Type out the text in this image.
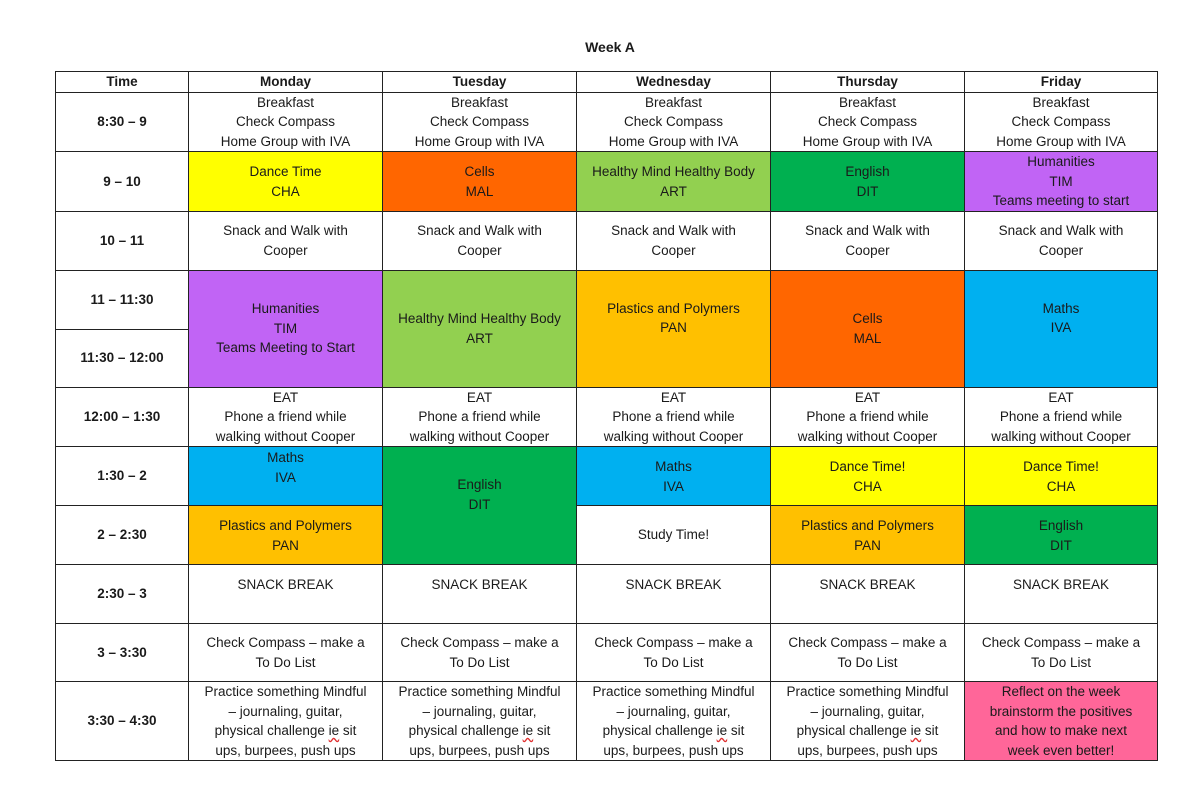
Week A
Time	Monday	Tuesday	Wednesday	Thursday	Friday
8:30 – 9	Breakfast
Check Compass
Home Group with IVA	Breakfast
Check Compass
Home Group with IVA	Breakfast
Check Compass
Home Group with IVA	Breakfast
Check Compass
Home Group with IVA	Breakfast
Check Compass
Home Group with IVA

9 – 10	Dance Time
CHA	Cells
MAL	Healthy Mind Healthy Body
ART	English
DIT	Humanities
TIM
Teams meeting to start

10 – 11	Snack and Walk with
Cooper	Snack and Walk with
Cooper	Snack and Walk with
Cooper	Snack and Walk with
Cooper	Snack and Walk with
Cooper

11 – 11:30	Humanities
TIM
Teams Meeting to Start	Healthy Mind Healthy Body
ART	Plastics and Polymers
PAN	Cells
MAL	Maths
IVA

11:30 – 12:00					
12:00 – 1:30	EAT
Phone a friend while
walking without Cooper	EAT
Phone a friend while
walking without Cooper	EAT
Phone a friend while
walking without Cooper	EAT
Phone a friend while
walking without Cooper	EAT
Phone a friend while
walking without Cooper

1:30 – 2	Maths
IVA	English
DIT	Maths
IVA	Dance Time!
CHA	Dance Time!
CHA

2 – 2:30	Plastics and Polymers
PAN		Study Time!	Plastics and Polymers
PAN	English
DIT

2:30 – 3	SNACK BREAK	SNACK BREAK	SNACK BREAK	SNACK BREAK	SNACK BREAK
3 – 3:30	Check Compass – make a
To Do List	Check Compass – make a
To Do List	Check Compass – make a
To Do List	Check Compass – make a
To Do List	Check Compass – make a
To Do List

3:30 – 4:30	Practice something Mindful
– journaling, guitar,
physical challenge ie sit
ups, burpees, push ups	Practice something Mindful
– journaling, guitar,
physical challenge ie sit
ups, burpees, push ups	Practice something Mindful
– journaling, guitar,
physical challenge ie sit
ups, burpees, push ups	Practice something Mindful
– journaling, guitar,
physical challenge ie sit
ups, burpees, push ups	Reflect on the week
brainstorm the positives
and how to make next
week even better!
